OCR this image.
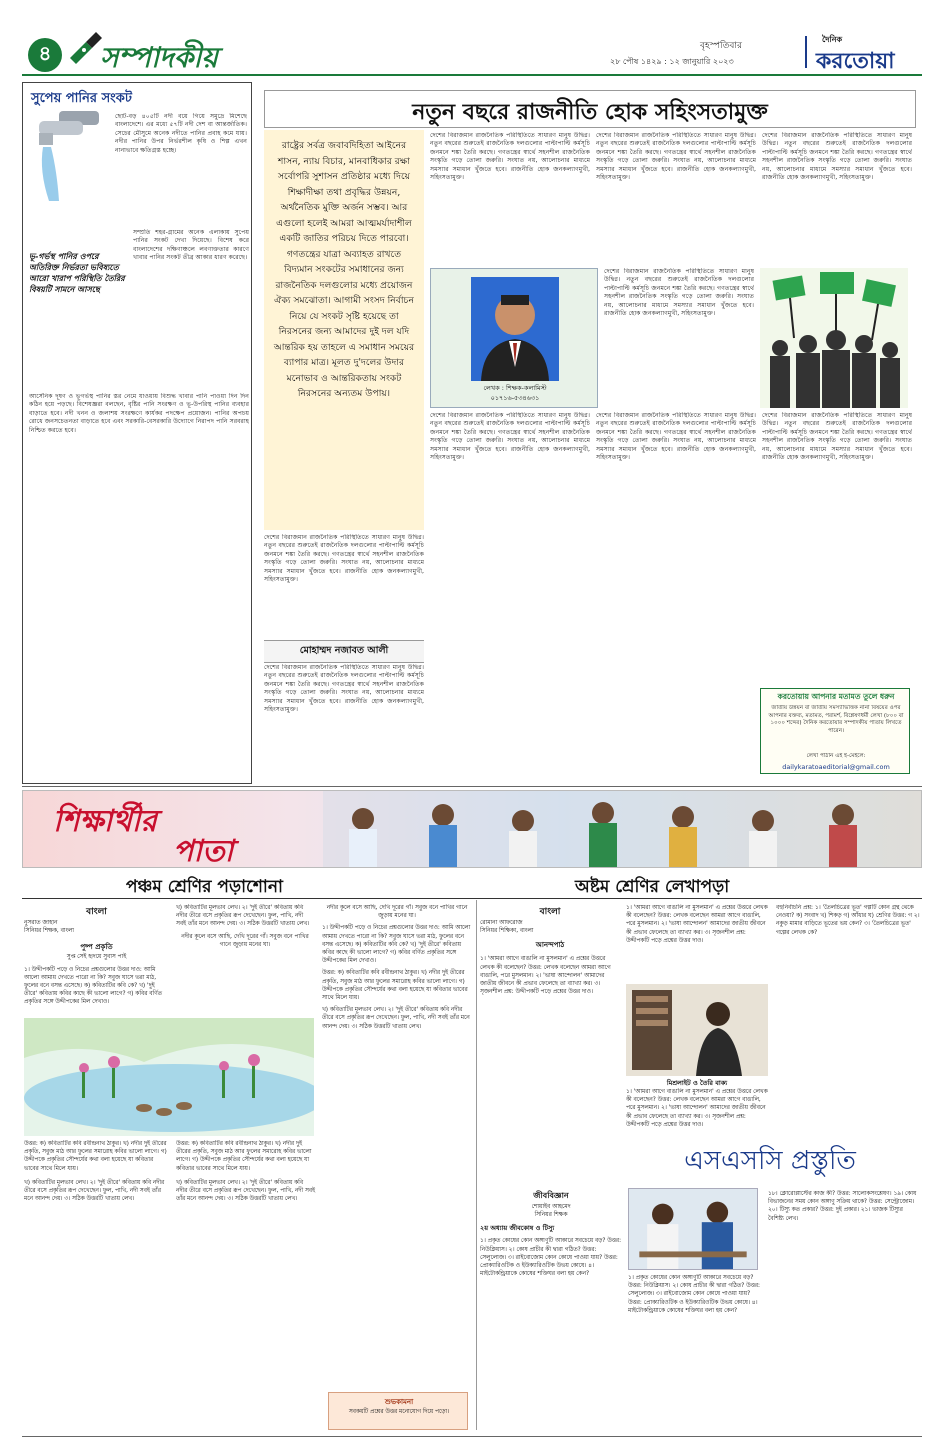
৪	সম্পাদকীয়	বৃহস্পতিবার
২৮ পৌষ ১৪২৯ : ১২ জানুয়ারি ২০২৩
দৈনিক
করতোয়া
সুপেয় পানির সংকট
ছোট-বড় ৪০৫টি নদী বয়ে গিয়ে সমুদ্রে মিশেছে বাংলাদেশে। এর মধ্যে ৫৭টি নদী দেশ বা আন্তর্জাতিক। সেচের মৌসুমে অনেক নদীতে পানির প্রবাহ কমে যায়। নদীর পানির উপর নির্ভরশীল কৃষি ও শিল্প এখন নানাভাবে ক্ষতিগ্রস্ত হচ্ছে।
ভূ-গর্ভস্থ পানির ওপরে অতিরিক্ত নির্ভরতা ভবিষ্যতে আরো খারাপ পরিস্থিতি তৈরির বিষয়টি সামনে আসছে
সম্প্রতি শহর-গ্রামের অনেক এলাকায় সুপেয় পানির সংকট দেখা দিয়েছে। বিশেষ করে বাংলাদেশের দক্ষিণাঞ্চলে লবণাক্ততার কারণে খাবার পানির সংকট তীব্র আকার ধারণ করেছে।
আর্সেনিক দূষণ ও ভূগর্ভস্থ পানির স্তর নেমে যাওয়ায় বিশুদ্ধ খাবার পানি পাওয়া দিন দিন কঠিন হয়ে পড়ছে। বিশেষজ্ঞরা বলছেন, বৃষ্টির পানি সংরক্ষণ ও ভূ-উপরিস্থ পানির ব্যবহার বাড়াতে হবে। নদী খনন ও জলাশয় সংরক্ষণে কার্যকর পদক্ষেপ প্রয়োজন। পানির অপচয় রোধে জনসচেতনতা বাড়াতে হবে এবং সরকারি-বেসরকারি উদ্যোগে নিরাপদ পানি সরবরাহ নিশ্চিত করতে হবে।
নতুন বছরে রাজনীতি হোক সহিংসতামুক্ত
রাষ্ট্রের সর্বত্র জবাবদিহিতা আইনের শাসন, ন্যায় বিচার, মানবাধিকার রক্ষা সর্বোপরি সুশাসন প্রতিষ্ঠার মধ্যে দিয়ে শিক্ষাদীক্ষা তথা প্রবৃদ্ধির উন্নয়ন, অর্থনৈতিক মুক্তি অর্জন সম্ভব। আর এগুলো হলেই আমরা আত্মমর্যাদাশীল একটি জাতির পরিচয় দিতে পারবো। গণতন্ত্রের যাত্রা অব্যাহত রাখতে বিদ্যমান সংকটের সমাধানের জন্য রাজনৈতিক দলগুলোর মধ্যে প্রয়োজন ঐক্য সমঝোতা। আগামী সংসদ নির্বাচন নিয়ে যে সংকট সৃষ্টি হয়েছে তা নিরসনের জন্য আমাদের দুই দল যদি আন্তরিক হয় তাহলে এ সমাধান সময়ের ব্যাপার মাত্র। মূলত দু'দলের উদার মনোভাব ও আন্তরিকতায় সংকট নিরসনের অন্যতম উপায়।
দেশের বিরাজমান রাজনৈতিক পরিস্থিতিতে সাধারণ মানুষ উদ্বিগ্ন। নতুন বছরের শুরুতেই রাজনৈতিক দলগুলোর পাল্টাপাল্টি কর্মসূচি জনমনে শঙ্কা তৈরি করছে। গণতন্ত্রের স্বার্থে সহনশীল রাজনৈতিক সংস্কৃতি গড়ে তোলা জরুরি। সংঘাত নয়, আলোচনার মাধ্যমে সমস্যার সমাধান খুঁজতে হবে। রাজনীতি হোক জনকল্যাণমুখী, সহিংসতামুক্ত।
দেশের বিরাজমান রাজনৈতিক পরিস্থিতিতে সাধারণ মানুষ উদ্বিগ্ন। নতুন বছরের শুরুতেই রাজনৈতিক দলগুলোর পাল্টাপাল্টি কর্মসূচি জনমনে শঙ্কা তৈরি করছে। গণতন্ত্রের স্বার্থে সহনশীল রাজনৈতিক সংস্কৃতি গড়ে তোলা জরুরি। সংঘাত নয়, আলোচনার মাধ্যমে সমস্যার সমাধান খুঁজতে হবে। রাজনীতি হোক জনকল্যাণমুখী, সহিংসতামুক্ত।
দেশের বিরাজমান রাজনৈতিক পরিস্থিতিতে সাধারণ মানুষ উদ্বিগ্ন। নতুন বছরের শুরুতেই রাজনৈতিক দলগুলোর পাল্টাপাল্টি কর্মসূচি জনমনে শঙ্কা তৈরি করছে। গণতন্ত্রের স্বার্থে সহনশীল রাজনৈতিক সংস্কৃতি গড়ে তোলা জরুরি। সংঘাত নয়, আলোচনার মাধ্যমে সমস্যার সমাধান খুঁজতে হবে। রাজনীতি হোক জনকল্যাণমুখী, সহিংসতামুক্ত।
লেখক : শিক্ষক-কলামিস্ট
০১৭১৬-৫৩৪৬৩১
দেশের বিরাজমান রাজনৈতিক পরিস্থিতিতে সাধারণ মানুষ উদ্বিগ্ন। নতুন বছরের শুরুতেই রাজনৈতিক দলগুলোর পাল্টাপাল্টি কর্মসূচি জনমনে শঙ্কা তৈরি করছে। গণতন্ত্রের স্বার্থে সহনশীল রাজনৈতিক সংস্কৃতি গড়ে তোলা জরুরি। সংঘাত নয়, আলোচনার মাধ্যমে সমস্যার সমাধান খুঁজতে হবে। রাজনীতি হোক জনকল্যাণমুখী, সহিংসতামুক্ত।
দেশের বিরাজমান রাজনৈতিক পরিস্থিতিতে সাধারণ মানুষ উদ্বিগ্ন। নতুন বছরের শুরুতেই রাজনৈতিক দলগুলোর পাল্টাপাল্টি কর্মসূচি জনমনে শঙ্কা তৈরি করছে। গণতন্ত্রের স্বার্থে সহনশীল রাজনৈতিক সংস্কৃতি গড়ে তোলা জরুরি। সংঘাত নয়, আলোচনার মাধ্যমে সমস্যার সমাধান খুঁজতে হবে। রাজনীতি হোক জনকল্যাণমুখী, সহিংসতামুক্ত।
মোহাম্মদ নজাবত আলী
দেশের বিরাজমান রাজনৈতিক পরিস্থিতিতে সাধারণ মানুষ উদ্বিগ্ন। নতুন বছরের শুরুতেই রাজনৈতিক দলগুলোর পাল্টাপাল্টি কর্মসূচি জনমনে শঙ্কা তৈরি করছে। গণতন্ত্রের স্বার্থে সহনশীল রাজনৈতিক সংস্কৃতি গড়ে তোলা জরুরি। সংঘাত নয়, আলোচনার মাধ্যমে সমস্যার সমাধান খুঁজতে হবে। রাজনীতি হোক জনকল্যাণমুখী, সহিংসতামুক্ত।
দেশের বিরাজমান রাজনৈতিক পরিস্থিতিতে সাধারণ মানুষ উদ্বিগ্ন। নতুন বছরের শুরুতেই রাজনৈতিক দলগুলোর পাল্টাপাল্টি কর্মসূচি জনমনে শঙ্কা তৈরি করছে। গণতন্ত্রের স্বার্থে সহনশীল রাজনৈতিক সংস্কৃতি গড়ে তোলা জরুরি। সংঘাত নয়, আলোচনার মাধ্যমে সমস্যার সমাধান খুঁজতে হবে। রাজনীতি হোক জনকল্যাণমুখী, সহিংসতামুক্ত।
দেশের বিরাজমান রাজনৈতিক পরিস্থিতিতে সাধারণ মানুষ উদ্বিগ্ন। নতুন বছরের শুরুতেই রাজনৈতিক দলগুলোর পাল্টাপাল্টি কর্মসূচি জনমনে শঙ্কা তৈরি করছে। গণতন্ত্রের স্বার্থে সহনশীল রাজনৈতিক সংস্কৃতি গড়ে তোলা জরুরি। সংঘাত নয়, আলোচনার মাধ্যমে সমস্যার সমাধান খুঁজতে হবে। রাজনীতি হোক জনকল্যাণমুখী, সহিংসতামুক্ত।
দেশের বিরাজমান রাজনৈতিক পরিস্থিতিতে সাধারণ মানুষ উদ্বিগ্ন। নতুন বছরের শুরুতেই রাজনৈতিক দলগুলোর পাল্টাপাল্টি কর্মসূচি জনমনে শঙ্কা তৈরি করছে। গণতন্ত্রের স্বার্থে সহনশীল রাজনৈতিক সংস্কৃতি গড়ে তোলা জরুরি। সংঘাত নয়, আলোচনার মাধ্যমে সমস্যার সমাধান খুঁজতে হবে। রাজনীতি হোক জনকল্যাণমুখী, সহিংসতামুক্ত।
করতোয়ায় আপনার মতামত তুলে ধরুন
জাতীয় উন্নয়ন বা জাতীয় সমস্যাভিত্তিক নানা বিষয়ের ওপর আপনার বক্তব্য, মতামত, পরামর্শ, বিশ্লেষণধর্মী লেখা (৮০০ বা ১০০০ শব্দের) দৈনিক করতোয়ার সম্পাদকীয় পাতায় লিখতে পারেন।
লেখা পাঠান এই ই-মেইলে:
dailykaratoaeditorial@gmail.com
শিক্ষার্থীর
পাতা
পঞ্চম শ্রেণির পড়াশোনা	অষ্টম শ্রেণির লেখাপড়া
বাংলা
নুসরাত জাহান
সিনিয়র শিক্ষক, বাংলা
পুষ্প প্রকৃতি
সুপ্ত সেই হৃদয়ে সুবাস পাই
১। উদ্দীপকটি পড়ে ও নিচের প্রশ্নগুলোর উত্তর দাও: আমি আলো আমায় দেখতে পারো না কি? সবুজ ঘাসে ভরা মাঠ, ফুলের বনে বসন্ত এসেছে। ক) কবিতাটির কবি কে? খ) 'দুই তীরে' কবিতায় কবির কাছে কী ভালো লাগে? গ) কবির বর্ণিত প্রকৃতির সঙ্গে উদ্দীপকের মিল দেখাও।
উত্তর: ক) কবিতাটির কবি রবীন্দ্রনাথ ঠাকুর। খ) নদীর দুই তীরের প্রকৃতি, সবুজ মাঠ আর ফুলের সমারোহ কবির ভালো লাগে। গ) উদ্দীপকে প্রকৃতির সৌন্দর্যের কথা বলা হয়েছে যা কবিতার ভাবের সাথে মিলে যায়।
খ) কবিতাটির মূলভাব লেখ। ২। 'দুই তীরে' কবিতায় কবি নদীর তীরে বসে প্রকৃতির রূপ দেখেছেন। ফুল, পাখি, নদী সবই তাঁর মনে আনন্দ দেয়। ৩। সঠিক উত্তরটি খাতায় লেখ।
খ) কবিতাটির মূলভাব লেখ। ২। 'দুই তীরে' কবিতায় কবি নদীর তীরে বসে প্রকৃতির রূপ দেখেছেন। ফুল, পাখি, নদী সবই তাঁর মনে আনন্দ দেয়। ৩। সঠিক উত্তরটি খাতায় লেখ।
নদীর কূলে বসে আছি, দেখি দূরের গাঁ। সবুজ বনে পাখির গানে জুড়ায় মনের ঘা।
উত্তর: ক) কবিতাটির কবি রবীন্দ্রনাথ ঠাকুর। খ) নদীর দুই তীরের প্রকৃতি, সবুজ মাঠ আর ফুলের সমারোহ কবির ভালো লাগে। গ) উদ্দীপকে প্রকৃতির সৌন্দর্যের কথা বলা হয়েছে যা কবিতার ভাবের সাথে মিলে যায়।
খ) কবিতাটির মূলভাব লেখ। ২। 'দুই তীরে' কবিতায় কবি নদীর তীরে বসে প্রকৃতির রূপ দেখেছেন। ফুল, পাখি, নদী সবই তাঁর মনে আনন্দ দেয়। ৩। সঠিক উত্তরটি খাতায় লেখ।
নদীর কূলে বসে আছি, দেখি দূরের গাঁ। সবুজ বনে পাখির গানে জুড়ায় মনের ঘা।
১। উদ্দীপকটি পড়ে ও নিচের প্রশ্নগুলোর উত্তর দাও: আমি আলো আমায় দেখতে পারো না কি? সবুজ ঘাসে ভরা মাঠ, ফুলের বনে বসন্ত এসেছে। ক) কবিতাটির কবি কে? খ) 'দুই তীরে' কবিতায় কবির কাছে কী ভালো লাগে? গ) কবির বর্ণিত প্রকৃতির সঙ্গে উদ্দীপকের মিল দেখাও।
উত্তর: ক) কবিতাটির কবি রবীন্দ্রনাথ ঠাকুর। খ) নদীর দুই তীরের প্রকৃতি, সবুজ মাঠ আর ফুলের সমারোহ কবির ভালো লাগে। গ) উদ্দীপকে প্রকৃতির সৌন্দর্যের কথা বলা হয়েছে যা কবিতার ভাবের সাথে মিলে যায়।
খ) কবিতাটির মূলভাব লেখ। ২। 'দুই তীরে' কবিতায় কবি নদীর তীরে বসে প্রকৃতির রূপ দেখেছেন। ফুল, পাখি, নদী সবই তাঁর মনে আনন্দ দেয়। ৩। সঠিক উত্তরটি খাতায় লেখ।
শুভকামনা
সবকয়টি প্রশ্নের উত্তর মনোযোগ দিয়ে পড়ো।
বাংলা
রোমানা আফরোজ
সিনিয়র শিক্ষিকা, বাংলা
আনন্দপাঠ
১। 'আমরা আগে বাঙালি না মুসলমান' এ প্রশ্নের উত্তরে লেখক কী বলেছেন? উত্তর: লেখক বলেছেন আমরা আগে বাঙালি, পরে মুসলমান। ২। 'ভাষা আন্দোলন' আমাদের জাতীয় জীবনে কী প্রভাব ফেলেছে তা ব্যাখ্যা কর। ৩। সৃজনশীল প্রশ্ন: উদ্দীপকটি পড়ে প্রশ্নের উত্তর দাও।
১। 'আমরা আগে বাঙালি না মুসলমান' এ প্রশ্নের উত্তরে লেখক কী বলেছেন? উত্তর: লেখক বলেছেন আমরা আগে বাঙালি, পরে মুসলমান। ২। 'ভাষা আন্দোলন' আমাদের জাতীয় জীবনে কী প্রভাব ফেলেছে তা ব্যাখ্যা কর। ৩। সৃজনশীল প্রশ্ন: উদ্দীপকটি পড়ে প্রশ্নের উত্তর দাও।
মিশ্রলাইট ও তৈরি বাক্য
১। 'আমরা আগে বাঙালি না মুসলমান' এ প্রশ্নের উত্তরে লেখক কী বলেছেন? উত্তর: লেখক বলেছেন আমরা আগে বাঙালি, পরে মুসলমান। ২। 'ভাষা আন্দোলন' আমাদের জাতীয় জীবনে কী প্রভাব ফেলেছে তা ব্যাখ্যা কর। ৩। সৃজনশীল প্রশ্ন: উদ্দীপকটি পড়ে প্রশ্নের উত্তর দাও।
বহুনির্বাচনি প্রশ্ন: ১। 'তৈলচিত্রের ভূত' গল্পটি কোন গ্রন্থ থেকে নেওয়া? ক) সংবাদ খ) শিকড় গ) আঁধার ঘ) শ্রেণির উত্তর: গ ২। নকুড় মামার বাড়িতে ভূতের ভয় কেন? ৩। 'তৈলচিত্রের ভূত' গল্পের লেখক কে?
এসএসসি প্রস্তুতি
জীববিজ্ঞান
শোয়াইব আহমেদ
সিনিয়র শিক্ষক
২য় অধ্যায় জীবকোষ ও টিস্যু
১। প্রকৃত কোষের কোন অঙ্গাণুটি আকারে সবচেয়ে বড়? উত্তর: নিউক্লিয়াস। ২। কোষ প্রাচীর কী দ্বারা গঠিত? উত্তর: সেলুলোজ। ৩। রাইবোজোম কোন কোষে পাওয়া যায়? উত্তর: প্রোক্যারিওটিক ও ইউক্যারিওটিক উভয় কোষে। ৪। মাইটোকন্ড্রিয়াকে কোষের শক্তিঘর বলা হয় কেন?
১। প্রকৃত কোষের কোন অঙ্গাণুটি আকারে সবচেয়ে বড়? উত্তর: নিউক্লিয়াস। ২। কোষ প্রাচীর কী দ্বারা গঠিত? উত্তর: সেলুলোজ। ৩। রাইবোজোম কোন কোষে পাওয়া যায়? উত্তর: প্রোক্যারিওটিক ও ইউক্যারিওটিক উভয় কোষে। ৪। মাইটোকন্ড্রিয়াকে কোষের শক্তিঘর বলা হয় কেন?
১৮। ক্লোরোপ্লাস্টের কাজ কী? উত্তর: সালোকসংশ্লেষণ। ১৯। কোষ বিভাজনের সময় কোন অঙ্গাণু সক্রিয় থাকে? উত্তর: সেন্ট্রোজোম। ২০। টিস্যু কত প্রকার? উত্তর: দুই প্রকার। ২১। ভাজক টিস্যুর বৈশিষ্ট্য লেখ।
